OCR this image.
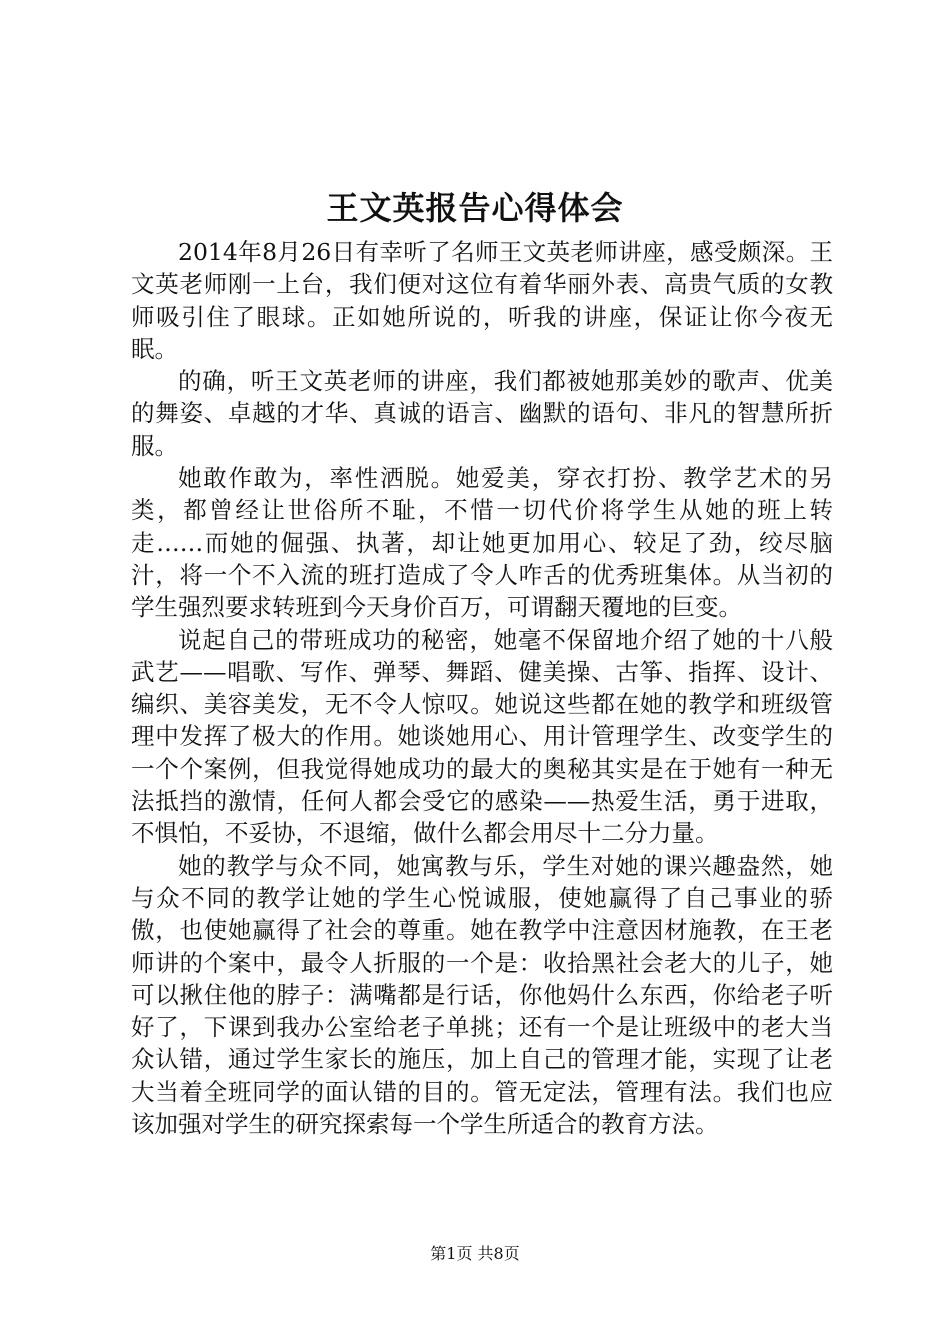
王文英报告心得体会

2014年8月26日有幸听了名师王文英老师讲座，感受颇深。王文英老师刚一上台，我们便对这位有着华丽外表、高贵气质的女教师吸引住了眼球。正如她所说的，听我的讲座，保证让你今夜无眠。

的确，听王文英老师的讲座，我们都被她那美妙的歌声、优美的舞姿、卓越的才华、真诚的语言、幽默的语句、非凡的智慧所折服。

她敢作敢为，率性洒脱。她爱美，穿衣打扮、教学艺术的另类，都曾经让世俗所不耻，不惜一切代价将学生从她的班上转走……而她的倔强、执著，却让她更加用心、较足了劲，绞尽脑汁，将一个不入流的班打造成了令人咋舌的优秀班集体。从当初的学生强烈要求转班到今天身价百万，可谓翻天覆地的巨变。

说起自己的带班成功的秘密，她毫不保留地介绍了她的十八般武艺——唱歌、写作、弹琴、舞蹈、健美操、古筝、指挥、设计、编织、美容美发，无不令人惊叹。她说这些都在她的教学和班级管理中发挥了极大的作用。她谈她用心、用计管理学生、改变学生的一个个案例，但我觉得她成功的最大的奥秘其实是在于她有一种无法抵挡的激情，任何人都会受它的感染——热爱生活，勇于进取，不惧怕，不妥协，不退缩，做什么都会用尽十二分力量。

她的教学与众不同，她寓教与乐，学生对她的课兴趣盎然，她与众不同的教学让她的学生心悦诚服，使她赢得了自己事业的骄傲，也使她赢得了社会的尊重。她在教学中注意因材施教，在王老师讲的个案中，最令人折服的一个是：收拾黑社会老大的儿子，她可以揪住他的脖子：满嘴都是行话，你他妈什么东西，你给老子听好了，下课到我办公室给老子单挑；还有一个是让班级中的老大当众认错，通过学生家长的施压，加上自己的管理才能，实现了让老大当着全班同学的面认错的目的。管无定法，管理有法。我们也应该加强对学生的研究探索每一个学生所适合的教育方法。

第1页 共8页
